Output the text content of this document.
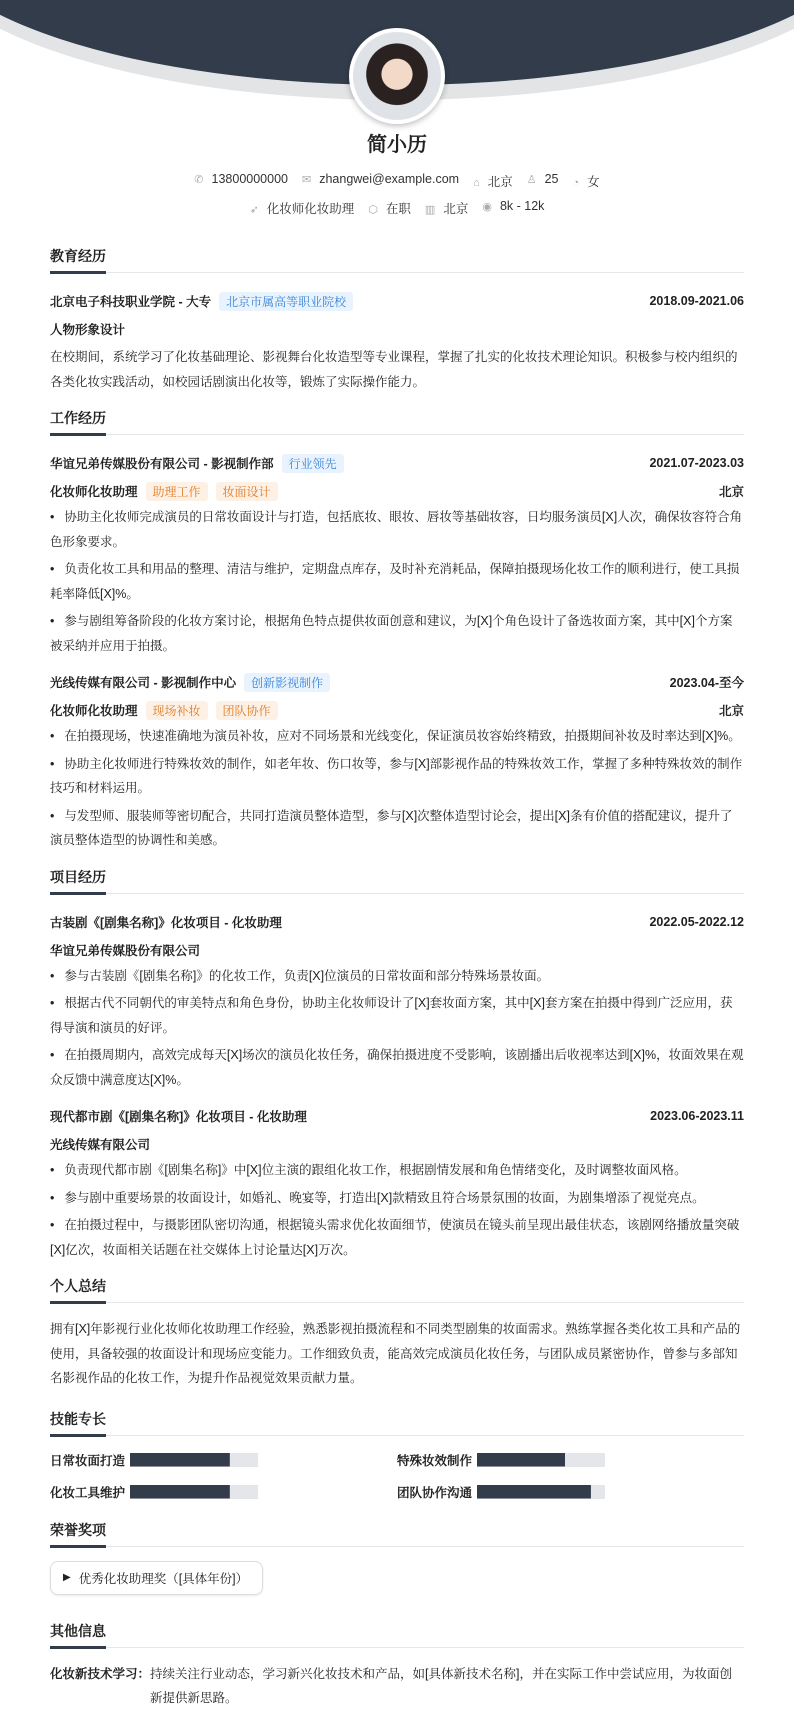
简小历
✆ 13800000000 ✉ zhangwei@example.com ⌂ 北京 ♙ 25 ◔ 女
➶ 化妆师化妆助理 ⬡ 在职 ▥ 北京 ◉ 8k - 12k
教育经历
北京电子科技职业学院 - 大专	北京市属高等职业院校	2018.09-2021.06
人物形象设计
在校期间，系统学习了化妆基础理论、影视舞台化妆造型等专业课程，掌握了扎实的化妆技术理论知识。积极参与校内组织的各类化妆实践活动，如校园话剧演出化妆等，锻炼了实际操作能力。
工作经历
华谊兄弟传媒股份有限公司 - 影视制作部	行业领先	2021.07-2023.03
化妆师化妆助理	助理工作	妆面设计	北京
• 协助主化妆师完成演员的日常妆面设计与打造，包括底妆、眼妆、唇妆等基础妆容，日均服务演员[X]人次，确保妆容符合角色形象要求。
• 负责化妆工具和用品的整理、清洁与维护，定期盘点库存，及时补充消耗品，保障拍摄现场化妆工作的顺利进行，使工具损耗率降低[X]%。
• 参与剧组筹备阶段的化妆方案讨论，根据角色特点提供妆面创意和建议，为[X]个角色设计了备选妆面方案，其中[X]个方案被采纳并应用于拍摄。
光线传媒有限公司 - 影视制作中心	创新影视制作	2023.04-至今
化妆师化妆助理	现场补妆	团队协作	北京
• 在拍摄现场，快速准确地为演员补妆，应对不同场景和光线变化，保证演员妆容始终精致，拍摄期间补妆及时率达到[X]%。
• 协助主化妆师进行特殊妆效的制作，如老年妆、伤口妆等，参与[X]部影视作品的特殊妆效工作，掌握了多种特殊妆效的制作技巧和材料运用。
• 与发型师、服装师等密切配合，共同打造演员整体造型，参与[X]次整体造型讨论会，提出[X]条有价值的搭配建议，提升了演员整体造型的协调性和美感。
项目经历
古装剧《[剧集名称]》化妆项目 - 化妆助理	2022.05-2022.12
华谊兄弟传媒股份有限公司
• 参与古装剧《[剧集名称]》的化妆工作，负责[X]位演员的日常妆面和部分特殊场景妆面。
• 根据古代不同朝代的审美特点和角色身份，协助主化妆师设计了[X]套妆面方案，其中[X]套方案在拍摄中得到广泛应用，获得导演和演员的好评。
• 在拍摄周期内，高效完成每天[X]场次的演员化妆任务，确保拍摄进度不受影响，该剧播出后收视率达到[X]%，妆面效果在观众反馈中满意度达[X]%。
现代都市剧《[剧集名称]》化妆项目 - 化妆助理	2023.06-2023.11
光线传媒有限公司
• 负责现代都市剧《[剧集名称]》中[X]位主演的跟组化妆工作，根据剧情发展和角色情绪变化，及时调整妆面风格。
• 参与剧中重要场景的妆面设计，如婚礼、晚宴等，打造出[X]款精致且符合场景氛围的妆面，为剧集增添了视觉亮点。
• 在拍摄过程中，与摄影团队密切沟通，根据镜头需求优化妆面细节，使演员在镜头前呈现出最佳状态，该剧网络播放量突破[X]亿次，妆面相关话题在社交媒体上讨论量达[X]万次。
个人总结
拥有[X]年影视行业化妆师化妆助理工作经验，熟悉影视拍摄流程和不同类型剧集的妆面需求。熟练掌握各类化妆工具和产品的使用，具备较强的妆面设计和现场应变能力。工作细致负责，能高效完成演员化妆任务，与团队成员紧密协作，曾参与多部知名影视作品的化妆工作，为提升作品视觉效果贡献力量。
技能专长
日常妆面打造	特殊妆效制作
化妆工具维护	团队协作沟通
荣誉奖项
▶ 优秀化妆助理奖（[具体年份]）
其他信息
化妆新技术学习： 持续关注行业动态，学习新兴化妆技术和产品，如[具体新技术名称]，并在实际工作中尝试应用，为妆面创新提供新思路。
